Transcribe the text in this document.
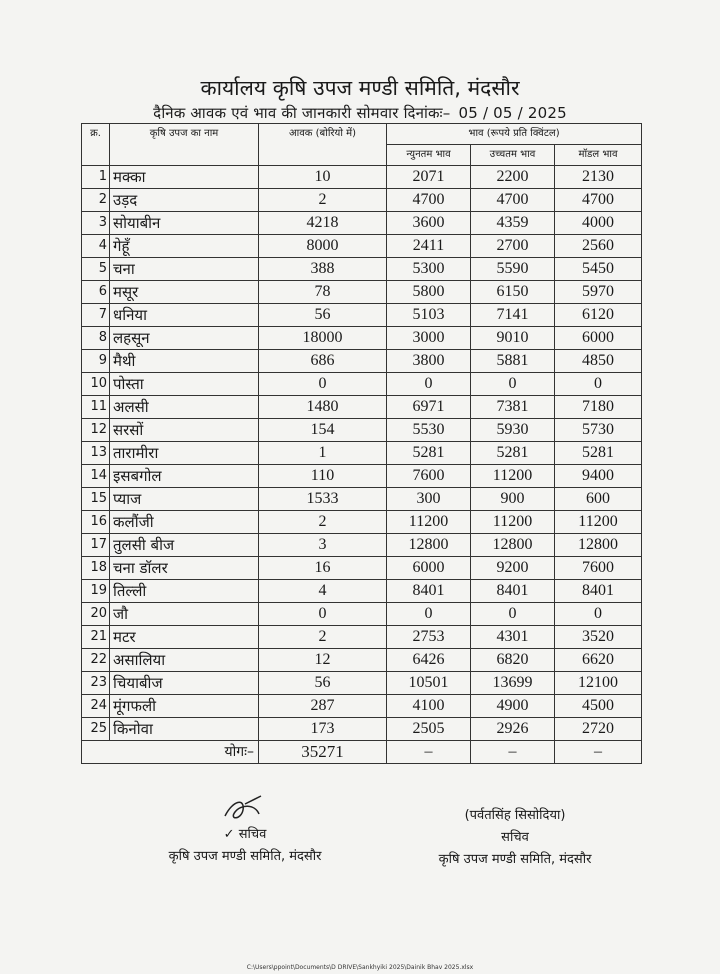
कार्यालय कृषि उपज मण्डी समिति, मंदसौर
दैनिक आवक एवं भाव की जानकारी सोमवार दिनांकः– 05 / 05 / 2025
क्र.	कृषि उपज का नाम	आवक (बोरियो में)	भाव (रूपये प्रति क्विंटल)		
			न्युनतम भाव	उच्चतम भाव	मॉडल भाव
1	मक्का	10	2071	2200	2130
2	उड़द	2	4700	4700	4700
3	सोयाबीन	4218	3600	4359	4000
4	गेहूँ	8000	2411	2700	2560
5	चना	388	5300	5590	5450
6	मसूर	78	5800	6150	5970
7	धनिया	56	5103	7141	6120
8	लहसून	18000	3000	9010	6000
9	मैथी	686	3800	5881	4850
10	पोस्ता	0	0	0	0
11	अलसी	1480	6971	7381	7180
12	सरसों	154	5530	5930	5730
13	तारामीरा	1	5281	5281	5281
14	इसबगोल	110	7600	11200	9400
15	प्याज	1533	300	900	600
16	कलौंजी	2	11200	11200	11200
17	तुलसी बीज	3	12800	12800	12800
18	चना डॉलर	16	6000	9200	7600
19	तिल्ली	4	8401	8401	8401
20	जौ	0	0	0	0
21	मटर	2	2753	4301	3520
22	असालिया	12	6426	6820	6620
23	चियाबीज	56	10501	13699	12100
24	मूंगफली	287	4100	4900	4500
25	किनोवा	173	2505	2926	2720
योगः–		35271	–	–	–
✓ सचिव
कृषि उपज मण्डी समिति, मंदसौर
(पर्वतसिंह सिसोदिया)
सचिव
कृषि उपज मण्डी समिति, मंदसौर
C:\Users\ppoint\Documents\D DRIVE\Sankhyiki 2025\Dainik Bhav 2025.xlsx
